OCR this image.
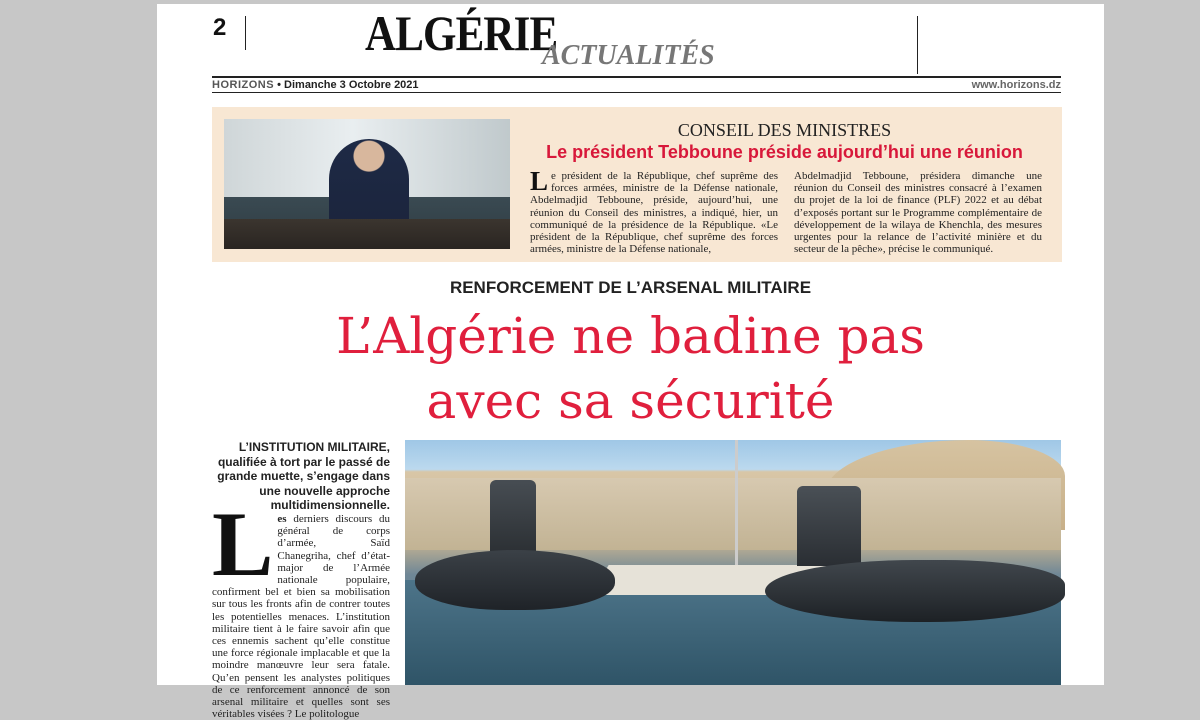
2	ALGÉRIE
ACTUALITÉS
HORIZONS • Dimanche 3 Octobre 2021	www.horizons.dz
CONSEIL DES MINISTRES
Le président Tebboune préside aujourd’hui une réunion
Le président de la République, chef suprême des forces armées, ministre de la Défense nationale, Abdelmadjid Tebboune, préside, aujourd’hui, une réunion du Conseil des ministres, a indiqué, hier, un communiqué de la présidence de la République. «Le président de la République, chef suprême des forces armées, ministre de la Défense nationale,
Abdelmadjid Tebboune, présidera dimanche une réunion du Conseil des ministres consacré à l’examen du projet de la loi de finance (PLF) 2022 et au débat d’exposés portant sur le Programme complémentaire de développement de la wilaya de Khenchla, des mesures urgentes pour la relance de l’activité minière et du secteur de la pêche», précise le communiqué.
RENFORCEMENT DE L’ARSENAL MILITAIRE
L’Algérie ne badine pas
avec sa sécurité
L’INSTITUTION MILITAIRE, qualifiée à tort par le passé de grande muette, s’engage dans une nouvelle approche multidimensionnelle.
Les derniers discours du général de corps d’armée, Saïd Chanegriha, chef d’état-major de l’Armée nationale populaire, confirment bel et bien sa mobilisation sur tous les fronts afin de contrer toutes les potentielles menaces. L’institution militaire tient à le faire savoir afin que ces ennemis sachent qu’elle constitue une force régionale implacable et que la moindre manœuvre leur sera fatale. Qu’en pensent les analystes politiques de ce renforcement annoncé de son arsenal militaire et quelles sont ses véritables visées ? Le politologue
